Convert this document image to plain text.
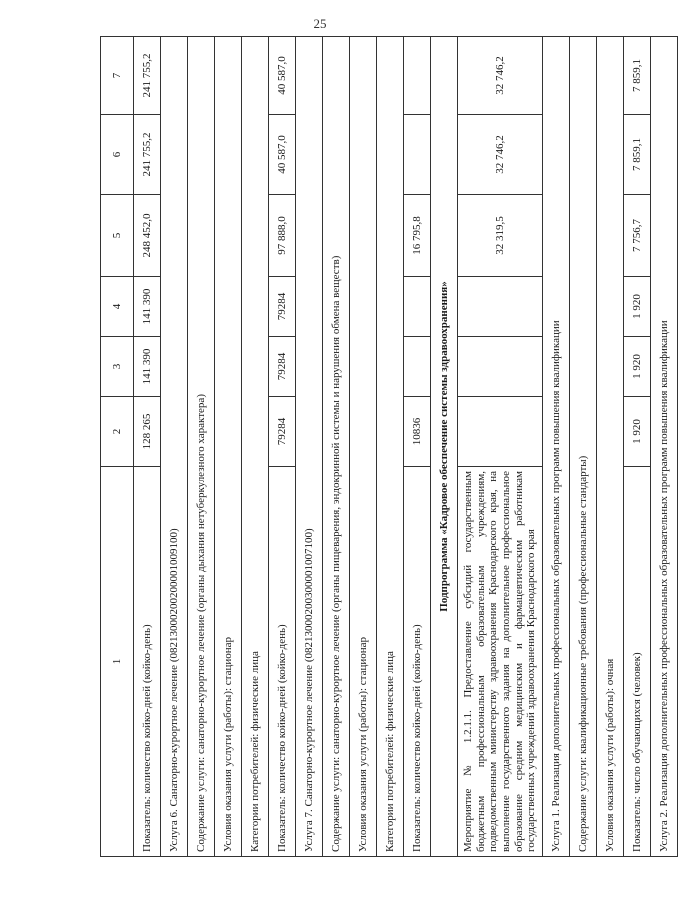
25
1	2	3	4	5	6	7
Показатель: количество койко-дней (койко-день)	128 265	141 390	141 390	248 452,0	241 755,2	241 755,2
Услуга 6. Санаторно-курортное лечение (08213000200200001009100)						
Содержание услуги: санаторно-курортное лечение (органы дыхания нетуберкулезного характера)						
Условия оказания услуги (работы): стационар						
Категории потребителей: физические лица						
Показатель: количество койко-дней (койко-день)	79284	79284	79284	97 888,0	40 587,0	40 587,0
Услуга 7. Санаторно-курортное лечение (08213000200300001007100)						
Содержание услуги: санаторно-курортное лечение (органы пищеварения, эндокринной системы и нарушения обмена веществ)						
Условия оказания услуги (работы): стационар						
Категории потребителей: физические лица						
Показатель: количество койко-дней (койко-день)	10836			16 795,8		
Подпрограмма «Кадровое обеспечение системы здравоохранения»						
Мероприятие № 1.2.1.1. Предоставление субсидий государственным бюджетным профессиональным образовательным учреждениям, подведомственным министерству здравоохранения Краснодарского края, на выполнение государственного задания на дополнительное профессиональное образование средним медицинским и фармацевтическим работникам государственных учреждений здравоохранения Краснодарского края				32 319,5	32 746,2	32 746,2
Услуга 1. Реализация дополнительных профессиональных образовательных программ повышения квалификации						
Содержание услуги: квалификационные требования (профессиональные стандарты)						
Условия оказания услуги (работы): очная						
Показатель: число обучающихся (человек)	1 920	1 920	1 920	7 756,7	7 859,1	7 859,1
Услуга 2. Реализация дополнительных профессиональных образовательных программ повышения квалификации						
